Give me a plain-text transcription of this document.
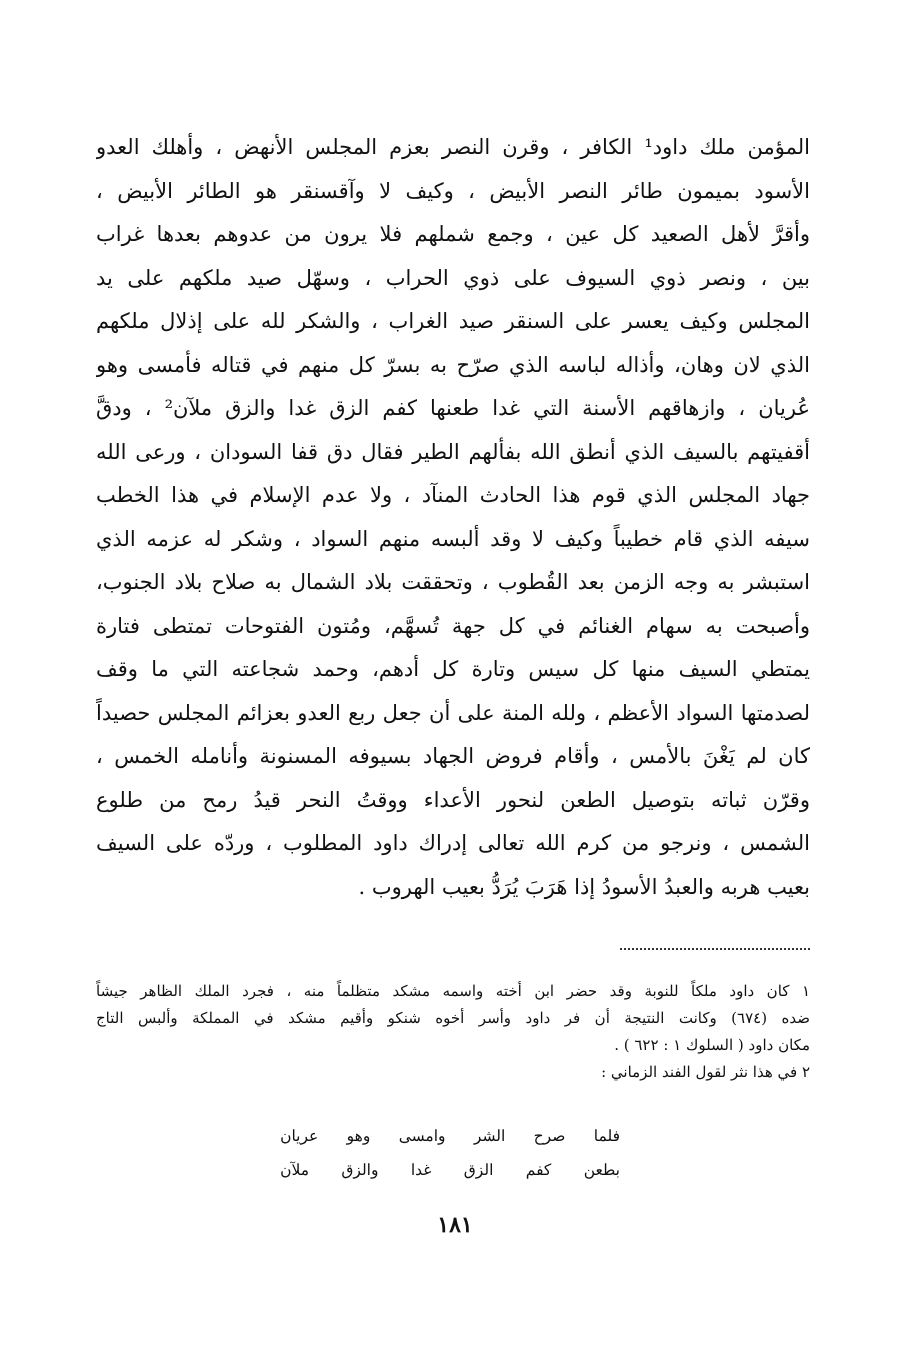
المؤمن ملك داود¹ الكافر ، وقرن النصر بعزم المجلس الأنهض ، وأهلك العدو
الأسود بميمون طائر النصر الأبيض ، وكيف لا وآقسنقر هو الطائر الأبيض ،
وأقرَّ لأهل الصعيد كل عين ، وجمع شملهم فلا يرون من عدوهم بعدها غراب
بين ، ونصر ذوي السيوف على ذوي الحراب ، وسهّل صيد ملكهم على يد
المجلس وكيف يعسر على السنقر صيد الغراب ، والشكر لله على إذلال ملكهم
الذي لان وهان، وأذاله لباسه الذي صرّح به بسرّ كل منهم في قتاله فأمسى وهو
عُريان ، وازهاقهم الأسنة التي غدا طعنها كفم الزق غدا والزق ملآن² ، ودقَّ
أقفيتهم بالسيف الذي أنطق الله بفألهم الطير فقال دق قفا السودان ، ورعى الله
جهاد المجلس الذي قوم هذا الحادث المنآد ، ولا عدم الإسلام في هذا الخطب
سيفه الذي قام خطيباً وكيف لا وقد ألبسه منهم السواد ، وشكر له عزمه الذي
استبشر به وجه الزمن بعد القُطوب ، وتحققت بلاد الشمال به صلاح بلاد الجنوب،
وأصبحت به سهام الغنائم في كل جهة تُسهَّم، ومُتون الفتوحات تمتطى فتارة
يمتطي السيف منها كل سيس وتارة كل أدهم، وحمد شجاعته التي ما وقف
لصدمتها السواد الأعظم ، ولله المنة على أن جعل ربع العدو بعزائم المجلس حصيداً
كان لم يَغْنَ بالأمس ، وأقام فروض الجهاد بسيوفه المسنونة وأنامله الخمس ،
وقرّن ثباته بتوصيل الطعن لنحور الأعداء ووقتُ النحر قيدُ رمح من طلوع
الشمس ، ونرجو من كرم الله تعالى إدراك داود المطلوب ، وردّه على السيف
بعيب هربه والعبدُ الأسودُ إذا هَرَبَ يُرَدُّ بعيب الهروب .
١ كان داود ملكاً للنوبة وقد حضر ابن أخته واسمه مشكد متظلماً منه ، فجرد الملك الظاهر جيشاً
ضده (٦٧٤) وكانت النتيجة أن فر داود وأسر أخوه شنكو وأقيم مشكد في المملكة وألبس التاج
مكان داود ( السلوك ١ : ٦٢٢ ) .
٢ في هذا نثر لقول الفند الزماني :
فلما
صرح
الشر
وامسى
وهو
عريان
بطعن
كفم
الزق
غدا
والزق
ملآن
١٨١
